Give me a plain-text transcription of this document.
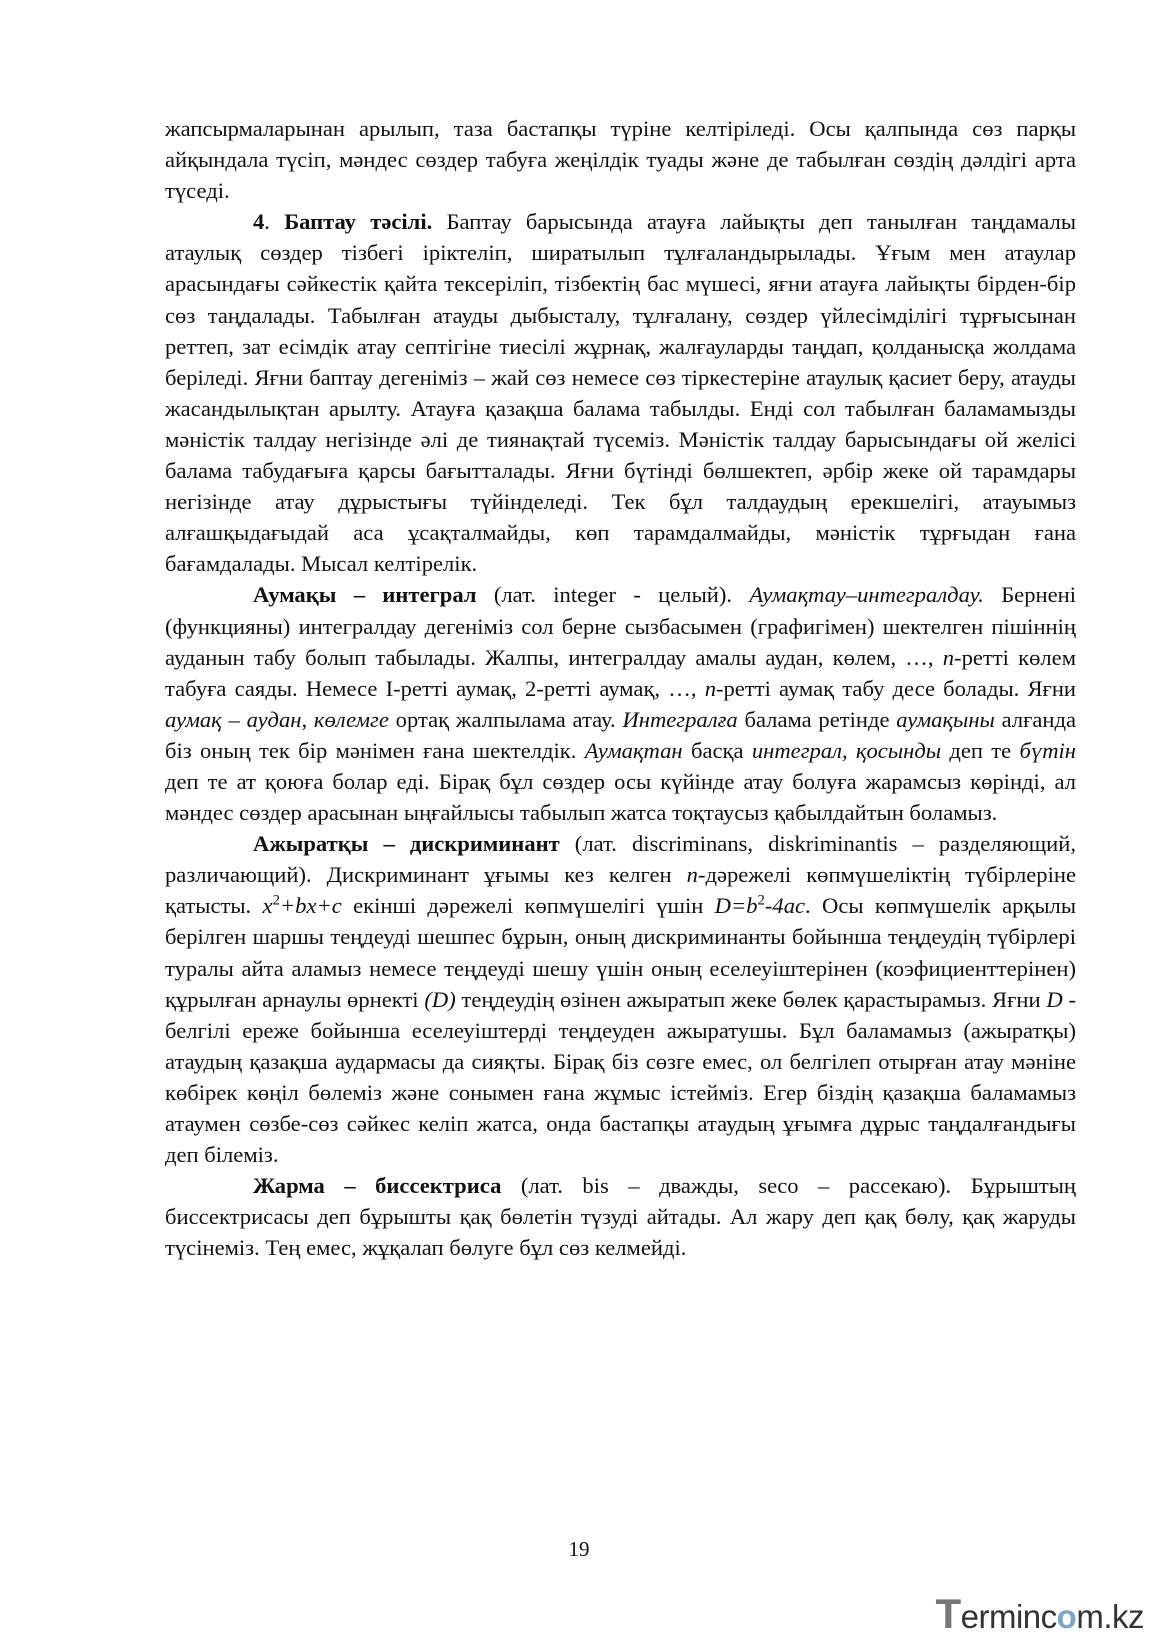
жапсырмаларынан арылып, таза бастапқы түріне келтіріледі. Осы қалпында сөз парқы айқындала түсіп, мәндес сөздер табуға жеңілдік туады және де табылған сөздің дәлдігі арта түседі.

4. Баптау тәсілі. Баптау барысында атауға лайықты деп танылған таңдамалы атаулық сөздер тізбегі іріктеліп, ширатылып тұлғаландырылады. Ұғым мен атаулар арасындағы сәйкестік қайта тексеріліп, тізбектің бас мүшесі, яғни атауға лайықты бірден-бір сөз таңдалады. Табылған атауды дыбысталу, тұлғалану, сөздер үйлесімділігі тұрғысынан реттеп, зат есімдік атау септігіне тиесілі жұрнақ, жалғауларды таңдап, қолданысқа жолдама беріледі. Яғни баптау дегеніміз – жай сөз немесе сөз тіркестеріне атаулық қасиет беру, атауды жасандылықтан арылту. Атауға қазақша балама табылды. Енді сол табылған баламамызды мәністік талдау негізінде әлі де тиянақтай түсеміз. Мәністік талдау барысындағы ой желісі балама табудағыға қарсы бағытталады. Яғни бүтінді бөлшектеп, әрбір жеке ой тарамдары негізінде атау дұрыстығы түйінделеді. Тек бұл талдаудың ерекшелігі, атауымыз алғашқыдағыдай аса ұсақталмайды, көп тарамдалмайды, мәністік тұрғыдан ғана бағамдалады. Мысал келтірелік.

Аумақы – интеграл (лат. integer - целый). Аумақтау–интегралдау. Бернені (функцияны) интегралдау дегеніміз сол берне сызбасымен (графигімен) шектелген пішіннің ауданын табу болып табылады. Жалпы, интегралдау амалы аудан, көлем, …, n-ретті көлем табуға саяды. Немесе I-ретті аумақ, 2-ретті аумақ, …, n-ретті аумақ табу десе болады. Яғни аумақ – аудан, көлемге ортақ жалпылама атау. Интегралға балама ретінде аумақыны алғанда біз оның тек бір мәнімен ғана шектелдік. Аумақтан басқа интеграл, қосынды деп те бүтін деп те ат қоюға болар еді. Бірақ бұл сөздер осы күйінде атау болуға жарамсыз көрінді, ал мәндес сөздер арасынан ыңғайлысы табылып жатса тоқтаусыз қабылдайтын боламыз.

Ажыратқы – дискриминант (лат. discriminans, diskriminantis – разделяющий, различающий). Дискриминант ұғымы кез келген n-дәрежелі көпмүшеліктің түбірлеріне қатысты. $x^2+bx+c$ екінші дәрежелі көпмүшелігі үшін $D=b^2-4ac$. Осы көпмүшелік арқылы берілген шаршы теңдеуді шешпес бұрын, оның дискриминанты бойынша теңдеудің түбірлері туралы айта аламыз немесе теңдеуді шешу үшін оның еселеуіштерінен (коэфициенттерінен) құрылған арнаулы өрнекті (D) теңдеудің өзінен ажыратып жеке бөлек қарастырамыз. Яғни D - белгілі ереже бойынша еселеуіштерді теңдеуден ажыратушы. Бұл баламамыз (ажыратқы) атаудың қазақша аудармасы да сияқты. Бірақ біз сөзге емес, ол белгілеп отырған атау мәніне көбірек көңіл бөлеміз және сонымен ғана жұмыс істейміз. Егер біздің қазақша баламамыз атаумен сөзбе-сөз сәйкес келіп жатса, онда бастапқы атаудың ұғымға дұрыс таңдалғандығы деп білеміз.

Жарма – биссектриса (лат. bis – дважды, seco – рассекаю). Бұрыштың биссектрисасы деп бұрышты қақ бөлетін түзуді айтады. Ал жару деп қақ бөлу, қақ жаруды түсінеміз. Тең емес, жұқалап бөлуге бұл сөз келмейді.

19
Termincom.kz
